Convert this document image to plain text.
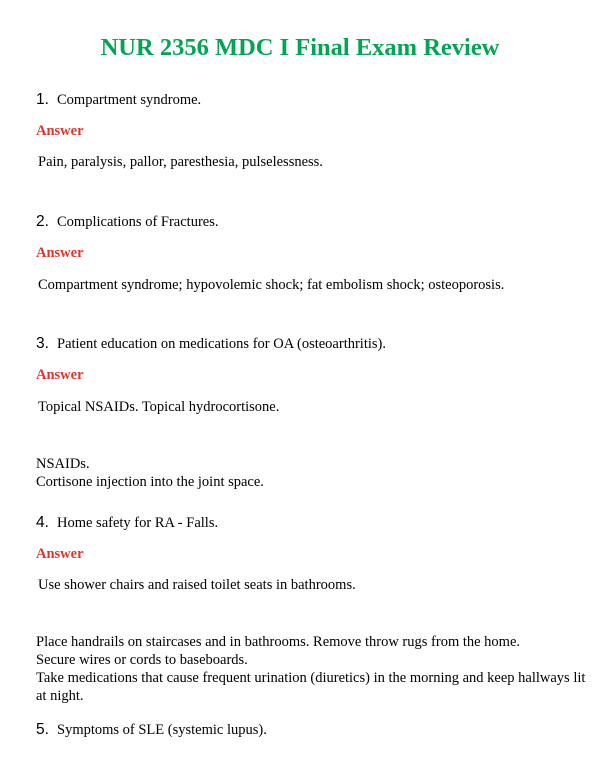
NUR 2356 MDC I Final Exam Review
1. Compartment syndrome.
Answer
Pain, paralysis, pallor, paresthesia, pulselessness.
2. Complications of Fractures.
Answer
Compartment syndrome; hypovolemic shock; fat embolism shock; osteoporosis.
3. Patient education on medications for OA (osteoarthritis).
Answer
Topical NSAIDs. Topical hydrocortisone.
NSAIDs.
Cortisone injection into the joint space.
4. Home safety for RA - Falls.
Answer
Use shower chairs and raised toilet seats in bathrooms.
Place handrails on staircases and in bathrooms. Remove throw rugs from the home.
Secure wires or cords to baseboards.
Take medications that cause frequent urination (diuretics) in the morning and keep hallways lit
at night.
5. Symptoms of SLE (systemic lupus).
